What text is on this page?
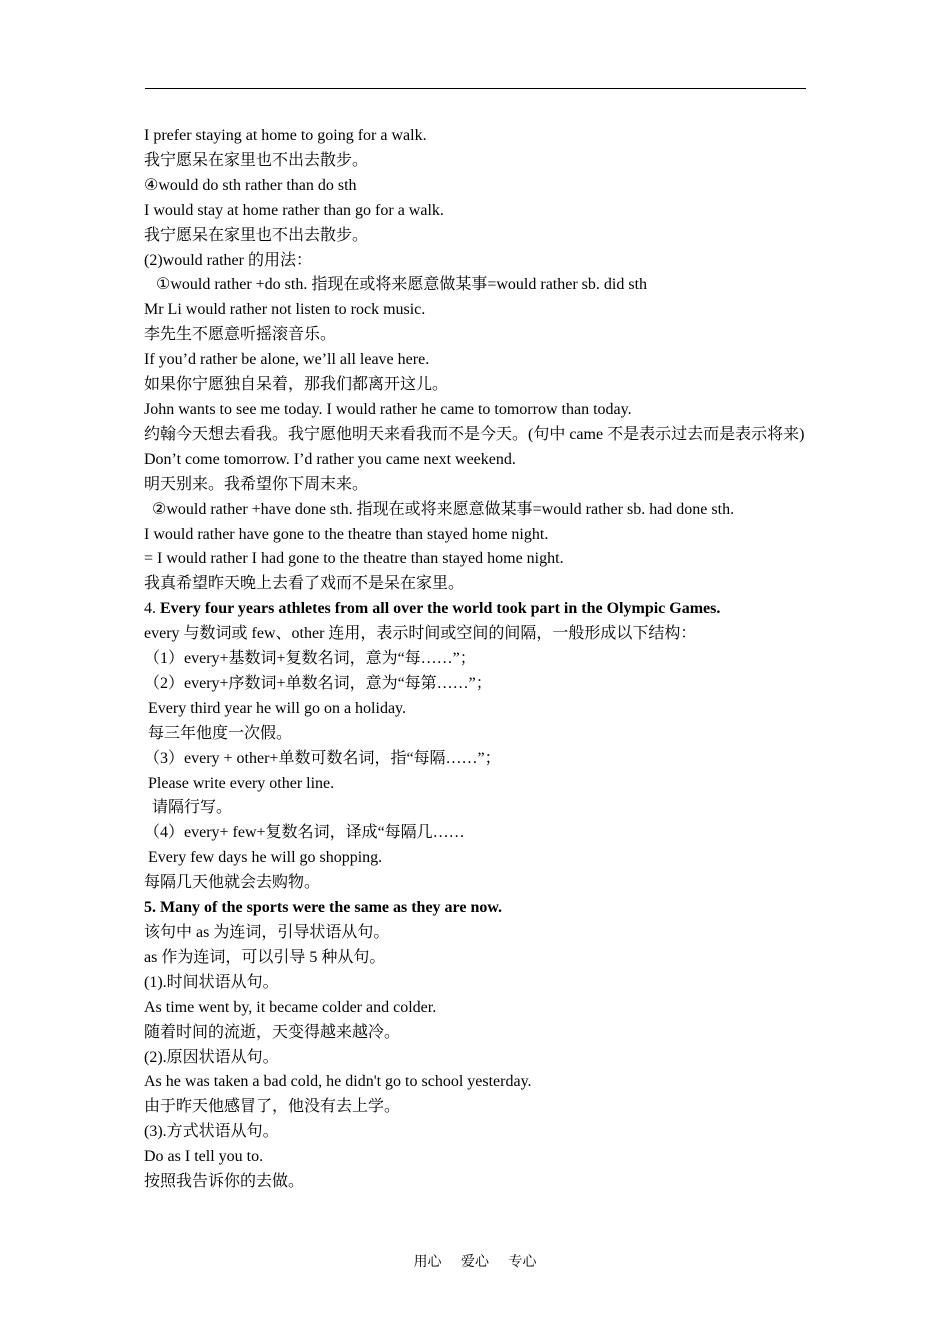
I prefer staying at home to going for a walk.
我宁愿呆在家里也不出去散步。
④would do sth rather than do sth
I would stay at home rather than go for a walk.
我宁愿呆在家里也不出去散步。
(2)would rather 的用法：
①would rather +do sth. 指现在或将来愿意做某事=would rather sb. did sth
Mr Li would rather not listen to rock music.
李先生不愿意听摇滚音乐。
If you’d rather be alone, we’ll all leave here.
如果你宁愿独自呆着，那我们都离开这儿。
John wants to see me today. I would rather he came to tomorrow than today.
约翰今天想去看我。我宁愿他明天来看我而不是今天。(句中 came 不是表示过去而是表示将来)
Don’t come tomorrow. I’d rather you came next weekend.
明天别来。我希望你下周末来。
②would rather +have done sth. 指现在或将来愿意做某事=would rather sb. had done sth.
I would rather have gone to the theatre than stayed home night.
= I would rather I had gone to the theatre than stayed home night.
我真希望昨天晚上去看了戏而不是呆在家里。
4. Every four years athletes from all over the world took part in the Olympic Games.
every 与数词或 few、other 连用，表示时间或空间的间隔，一般形成以下结构：
（1）every+基数词+复数名词，意为“每……”；
（2）every+序数词+单数名词，意为“每第……”；
Every third year he will go on a holiday.
每三年他度一次假。
（3）every + other+单数可数名词，指“每隔……”；
Please write every other line.
请隔行写。
（4）every+ few+复数名词，译成“每隔几……
Every few days he will go shopping.
每隔几天他就会去购物。
5. Many of the sports were the same as they are now.
该句中 as 为连词，引导状语从句。
as 作为连词，可以引导 5 种从句。
(1).时间状语从句。
As time went by, it became colder and colder.
随着时间的流逝，天变得越来越冷。
(2).原因状语从句。
As he was taken a bad cold, he didn't go to school yesterday.
由于昨天他感冒了，他没有去上学。
(3).方式状语从句。
Do as I tell you to.
按照我告诉你的去做。
用心 爱心 专心
